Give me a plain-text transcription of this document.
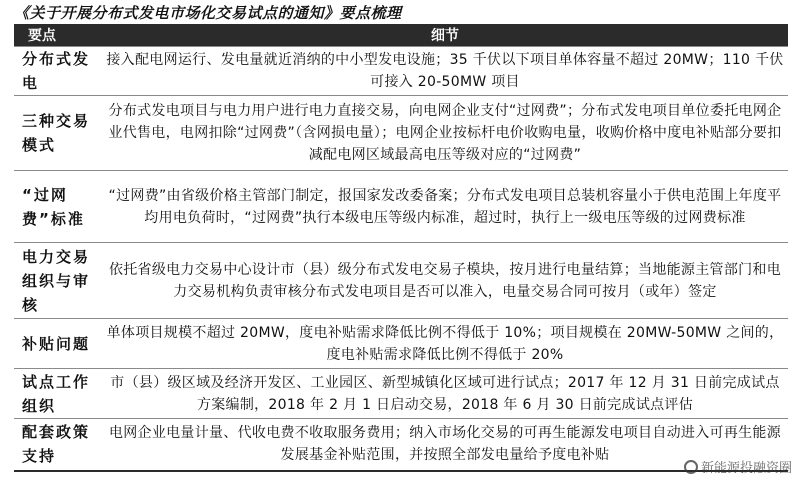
《关于开展分布式发电市场化交易试点的通知》要点梳理
要点	细节
分布式发电	接入配电网运行、发电量就近消纳的中小型发电设施；35 千伏以下项目单体容量不超过 20MW；110 千伏可接入 20-50MW 项目
三种交易模式	分布式发电项目与电力用户进行电力直接交易，向电网企业支付“过网费”；分布式发电项目单位委托电网企业代售电，电网扣除“过网费”（含网损电量）；电网企业按标杆电价收购电量，收购价格中度电补贴部分要扣减配电网区域最高电压等级对应的“过网费”
“过网费”标准	“过网费”由省级价格主管部门制定，报国家发改委备案；分布式发电项目总装机容量小于供电范围上年度平均用电负荷时，“过网费”执行本级电压等级内标准，超过时，执行上一级电压等级的过网费标准
电力交易组织与审核	依托省级电力交易中心设计市（县）级分布式发电交易子模块，按月进行电量结算；当地能源主管部门和电力交易机构负责审核分布式发电项目是否可以准入，电量交易合同可按月（或年）签定
补贴问题	单体项目规模不超过 20MW，度电补贴需求降低比例不得低于 10%；项目规模在 20MW-50MW 之间的，度电补贴需求降低比例不得低于 20%
试点工作组织	市（县）级区域及经济开发区、工业园区、新型城镇化区域可进行试点；2017 年 12 月 31 日前完成试点方案编制，2018 年 2 月 1 日启动交易，2018 年 6 月 30 日前完成试点评估
配套政策支持	电网企业电量计量、代收电费不收取服务费用；纳入市场化交易的可再生能源发电项目自动进入可再生能源发展基金补贴范围，并按照全部发电量给予度电补贴
新能源投融资圈
